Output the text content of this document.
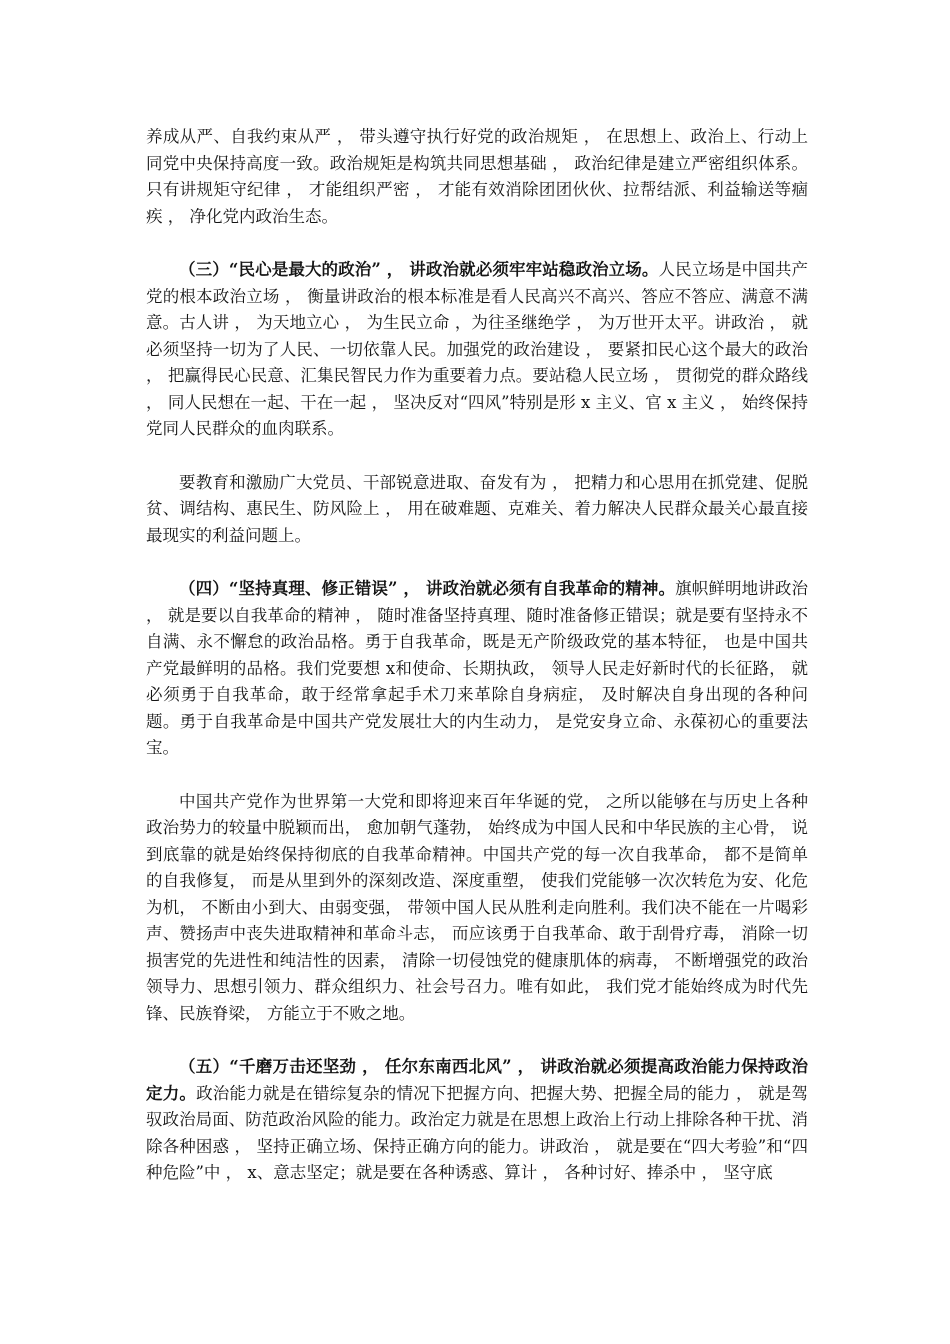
养成从严、自我约束从严 ， 带头遵守执行好党的政治规矩 ， 在思想上、政治上、行动上同党中央保持高度一致。政治规矩是构筑共同思想基础 ， 政治纪律是建立严密组织体系。只有讲规矩守纪律 ， 才能组织严密 ， 才能有效消除团团伙伙、拉帮结派、利益输送等痼疾 ， 净化党内政治生态。

（三）“民心是最大的政治” ， 讲政治就必须牢牢站稳政治立场。人民立场是中国共产党的根本政治立场 ， 衡量讲政治的根本标准是看人民高兴不高兴、答应不答应、满意不满意。古人讲 ， 为天地立心 ， 为生民立命 ，为往圣继绝学 ， 为万世开太平。讲政治 ， 就必须坚持一切为了人民、一切依靠人民。加强党的政治建设 ， 要紧扣民心这个最大的政治 ， 把赢得民心民意、汇集民智民力作为重要着力点。要站稳人民立场 ， 贯彻党的群众路线 ， 同人民想在一起、干在一起 ， 坚决反对“四风”特别是形 x 主义、官 x 主义 ， 始终保持党同人民群众的血肉联系。

要教育和激励广大党员、干部锐意进取、奋发有为 ， 把精力和心思用在抓党建、促脱贫、调结构、惠民生、防风险上 ， 用在破难题、克难关、着力解决人民群众最关心最直接最现实的利益问题上。

（四）“坚持真理、修正错误” ， 讲政治就必须有自我革命的精神。旗帜鲜明地讲政治 ， 就是要以自我革命的精神 ， 随时准备坚持真理、随时准备修正错误；就是要有坚持永不自满、永不懈怠的政治品格。勇于自我革命，既是无产阶级政党的基本特征， 也是中国共产党最鲜明的品格。我们党要想 x和使命、长期执政， 领导人民走好新时代的长征路， 就必须勇于自我革命，敢于经常拿起手术刀来革除自身病症， 及时解决自身出现的各种问题。勇于自我革命是中国共产党发展壮大的内生动力， 是党安身立命、永葆初心的重要法宝。

中国共产党作为世界第一大党和即将迎来百年华诞的党， 之所以能够在与历史上各种政治势力的较量中脱颖而出， 愈加朝气蓬勃， 始终成为中国人民和中华民族的主心骨， 说到底靠的就是始终保持彻底的自我革命精神。中国共产党的每一次自我革命， 都不是简单的自我修复， 而是从里到外的深刻改造、深度重塑， 使我们党能够一次次转危为安、化危为机， 不断由小到大、由弱变强， 带领中国人民从胜利走向胜利。我们决不能在一片喝彩声、赞扬声中丧失进取精神和革命斗志， 而应该勇于自我革命、敢于刮骨疗毒， 消除一切损害党的先进性和纯洁性的因素， 清除一切侵蚀党的健康肌体的病毒， 不断增强党的政治领导力、思想引领力、群众组织力、社会号召力。唯有如此， 我们党才能始终成为时代先锋、民族脊梁， 方能立于不败之地。

（五）“千磨万击还坚劲 ， 任尔东南西北风” ， 讲政治就必须提高政治能力保持政治定力。政治能力就是在错综复杂的情况下把握方向、把握大势、把握全局的能力 ， 就是驾驭政治局面、防范政治风险的能力。政治定力就是在思想上政治上行动上排除各种干扰、消除各种困惑 ， 坚持正确立场、保持正确方向的能力。讲政治 ， 就是要在“四大考验”和“四种危险”中 ， x、意志坚定；就是要在各种诱惑、算计 ， 各种讨好、捧杀中 ， 坚守底
